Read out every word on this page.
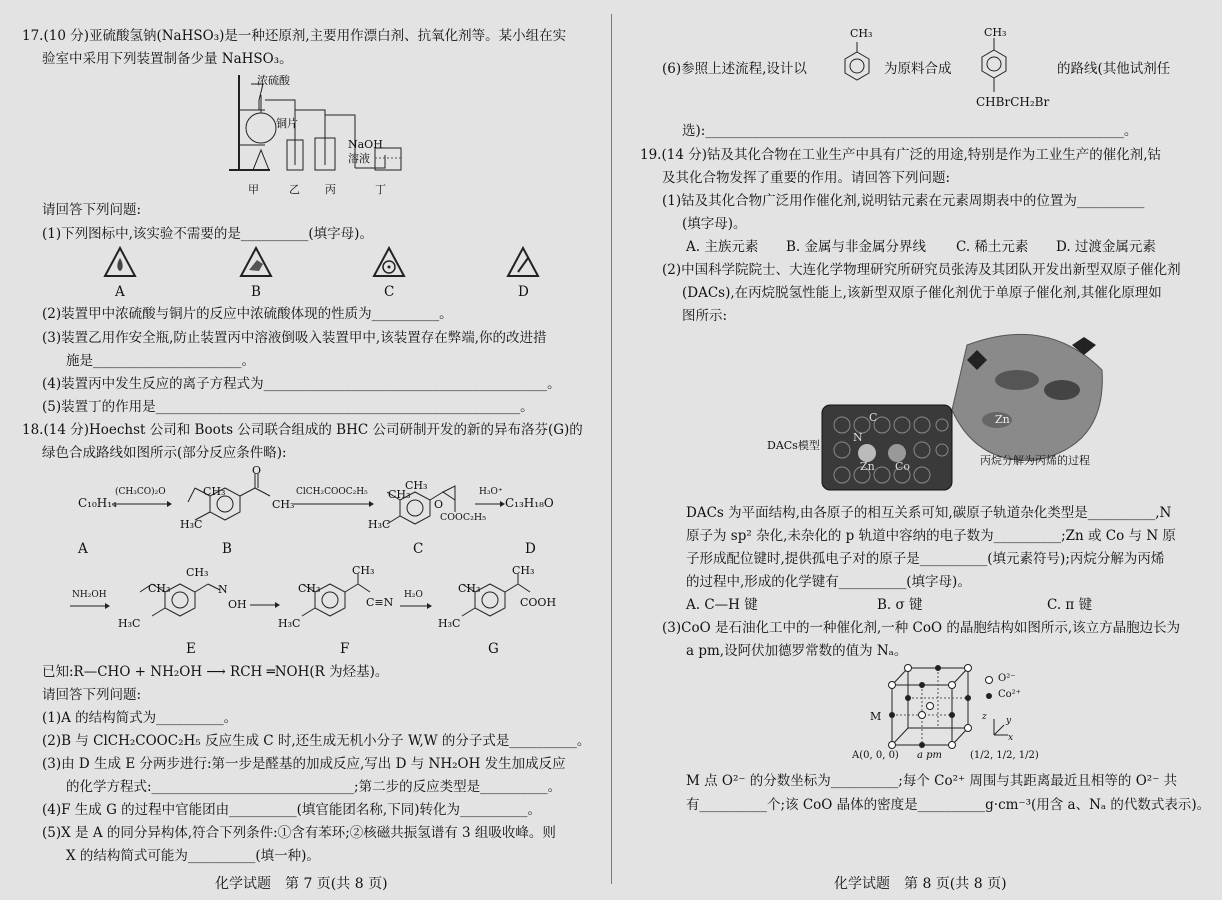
17.(10 分)亚硫酸氢钠(NaHSO₃)是一种还原剂,主要用作漂白剂、抗氧化剂等。某小组在实
验室中采用下列装置制备少量 NaHSO₃。
浓硫酸
铜片
NaOH
溶液
甲	乙 丙	丁
请回答下列问题:
(1)下列图标中,该实验不需要的是__________(填字母)。
A	B	C	D
(2)装置甲中浓硫酸与铜片的反应中浓硫酸体现的性质为__________。
(3)装置乙用作安全瓶,防止装置丙中溶液倒吸入装置甲中,该装置存在弊端,你的改进措
施是______________________。
(4)装置丙中发生反应的离子方程式为__________________________________________。
(5)装置丁的作用是______________________________________________________。
18.(14 分)Hoechst 公司和 Boots 公司联合组成的 BHC 公司研制开发的新的异布洛芬(G)的
绿色合成路线如图所示(部分反应条件略):
C₁₀H₁₄
(CH₃CO)₂O
O
CH₃
CH₃
H₃C
ClCH₂COOC₂H₅	CH₃
CH₃
O
COOC₂H₅
H₃C
H₃O⁺
C₁₃H₁₈O
A	B	C	D
NH₂OH	CH₃
CH₃
N
OH
H₃C
CH₃
CH₃
C≡N
H₃C
H₂O	CH₃
CH₃
COOH
H₃C
E	F	G
已知:R—CHO + NH₂OH ⟶ RCH ═NOH(R 为烃基)。
请回答下列问题:
(1)A 的结构简式为__________。
(2)B 与 ClCH₂COOC₂H₅ 反应生成 C 时,还生成无机小分子 W,W 的分子式是__________。
(3)由 D 生成 E 分两步进行:第一步是醛基的加成反应,写出 D 与 NH₂OH 发生加成反应
的化学方程式:______________________________;第二步的反应类型是__________。
(4)F 生成 G 的过程中官能团由__________(填官能团名称,下同)转化为__________。
(5)X 是 A 的同分异构体,符合下列条件:①含有苯环;②核磁共振氢谱有 3 组吸收峰。则
X 的结构简式可能为__________(填一种)。
化学试题　第 7 页(共 8 页)
(6)参照上述流程,设计以
CH₃
为原料合成
CH₃
CHBrCH₂Br
的路线(其他试剂任
选):______________________________________________________________。
19.(14 分)钴及其化合物在工业生产中具有广泛的用途,特别是作为工业生产的催化剂,钴
及其化合物发挥了重要的作用。请回答下列问题:
(1)钴及其化合物广泛用作催化剂,说明钴元素在元素周期表中的位置为__________
(填字母)。
A. 主族元素 B. 金属与非金属分界线 C. 稀土元素 D. 过渡金属元素
(2)中国科学院院士、大连化学物理研究所研究员张涛及其团队开发出新型双原子催化剂
(DACs),在丙烷脱氢性能上,该新型双原子催化剂优于单原子催化剂,其催化原理如
图所示:
DACs模型
C
N
Zn Co
Zn
丙烷分解为丙烯的过程
DACs 为平面结构,由各原子的相互关系可知,碳原子轨道杂化类型是__________,N
原子为 sp² 杂化,未杂化的 p 轨道中容纳的电子数为__________;Zn 或 Co 与 N 原
子形成配位键时,提供孤电子对的原子是__________(填元素符号);丙烷分解为丙烯
的过程中,形成的化学键有__________(填字母)。
A. C—H 键	B. σ 键	C. π 键
(3)CoO 是石油化工中的一种催化剂,一种 CoO 的晶胞结构如图所示,该立方晶胞边长为
a pm,设阿伏加德罗常数的值为 Nₐ。
O²⁻
Co²⁺
M
A(0, 0, 0) a pm	(1/2, 1/2, 1/2)
z y
x
M 点 O²⁻ 的分数坐标为__________;每个 Co²⁺ 周围与其距离最近且相等的 O²⁻ 共
有__________个;该 CoO 晶体的密度是__________g·cm⁻³(用含 a、Nₐ 的代数式表示)。
化学试题　第 8 页(共 8 页)
